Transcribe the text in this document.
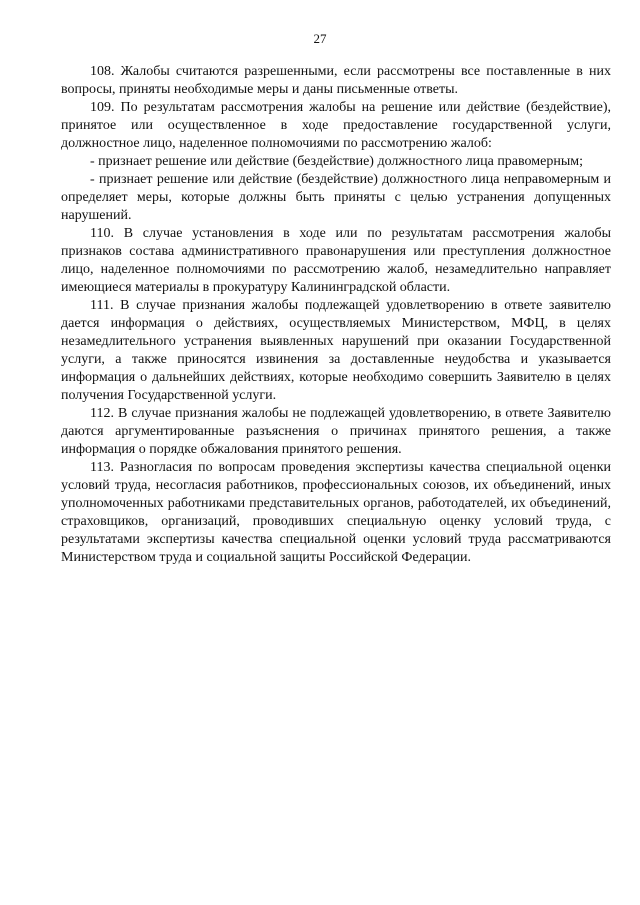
27

108. Жалобы считаются разрешенными, если рассмотрены все поставленные в них вопросы, приняты необходимые меры и даны письменные ответы.

109. По результатам рассмотрения жалобы на решение или действие (бездействие), принятое или осуществленное в ходе предоставление государственной услуги, должностное лицо, наделенное полномочиями по рассмотрению жалоб:

- признает решение или действие (бездействие) должностного лица правомерным;

- признает решение или действие (бездействие) должностного лица неправомерным и определяет меры, которые должны быть приняты с целью устранения допущенных нарушений.

110. В случае установления в ходе или по результатам рассмотрения жалобы признаков состава административного правонарушения или преступления должностное лицо, наделенное полномочиями по рассмотрению жалоб, незамедлительно направляет имеющиеся материалы в прокуратуру Калининградской области.

111. В случае признания жалобы подлежащей удовлетворению в ответе заявителю дается информация о действиях, осуществляемых Министерством, МФЦ, в целях незамедлительного устранения выявленных нарушений при оказании Государственной услуги, а также приносятся извинения за доставленные неудобства и указывается информация о дальнейших действиях, которые необходимо совершить Заявителю в целях получения Государственной услуги.

112. В случае признания жалобы не подлежащей удовлетворению, в ответе Заявителю даются аргументированные разъяснения о причинах принятого решения, а также информация о порядке обжалования принятого решения.

113. Разногласия по вопросам проведения экспертизы качества специальной оценки условий труда, несогласия работников, профессиональных союзов, их объединений, иных уполномоченных работниками представительных органов, работодателей, их объединений, страховщиков, организаций, проводивших специальную оценку условий труда, с результатами экспертизы качества специальной оценки условий труда рассматриваются Министерством труда и социальной защиты Российской Федерации.
